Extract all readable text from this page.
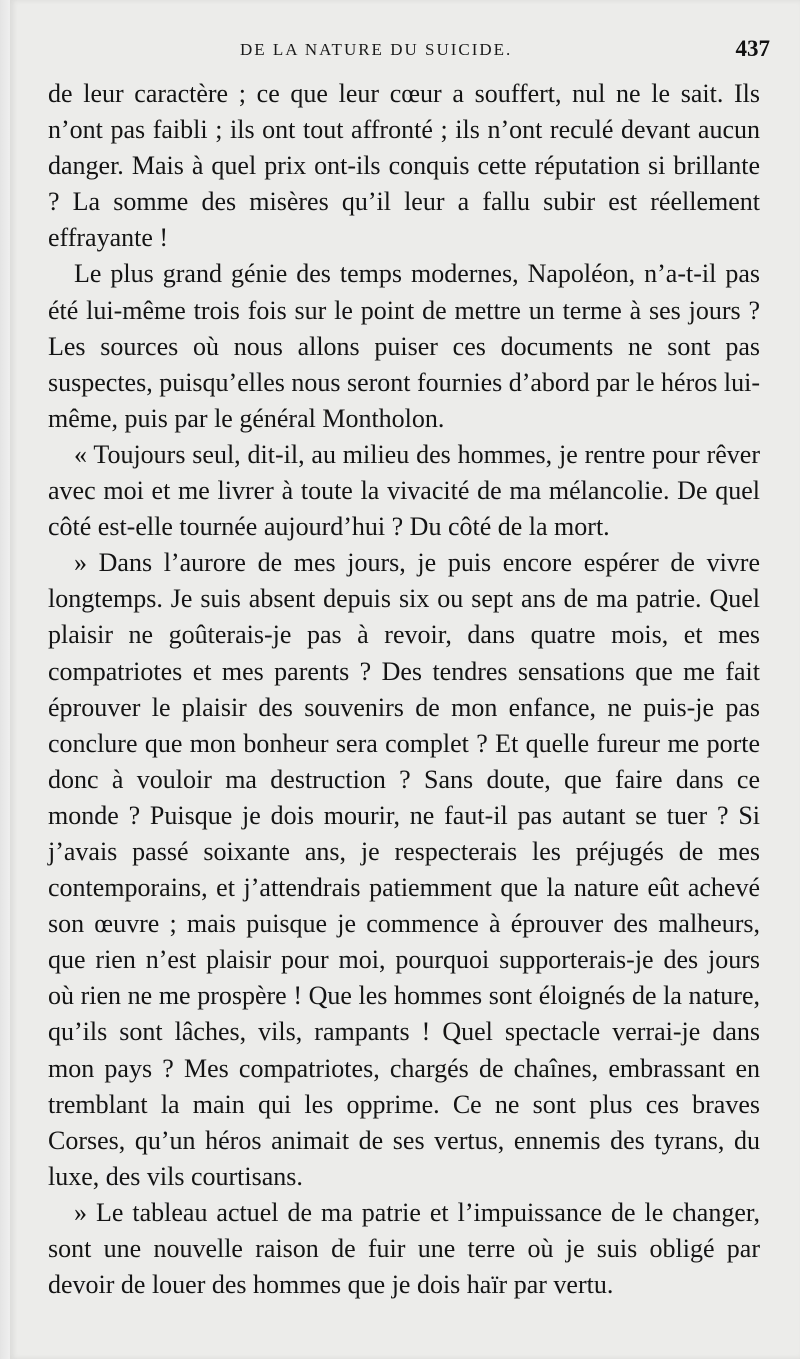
DE LA NATURE DU SUICIDE.	437

de leur caractère ; ce que leur cœur a souffert, nul ne le sait. Ils n’ont pas faibli ; ils ont tout affronté ; ils n’ont reculé devant aucun danger. Mais à quel prix ont-ils conquis cette réputation si brillante ? La somme des misères qu’il leur a fallu subir est réellement effrayante !

Le plus grand génie des temps modernes, Napoléon, n’a-t-il pas été lui-même trois fois sur le point de mettre un terme à ses jours ? Les sources où nous allons puiser ces documents ne sont pas suspectes, puisqu’elles nous seront fournies d’abord par le héros lui-même, puis par le général Montholon.

« Toujours seul, dit-il, au milieu des hommes, je rentre pour rêver avec moi et me livrer à toute la vivacité de ma mélancolie. De quel côté est-elle tournée aujourd’hui ? Du côté de la mort.

» Dans l’aurore de mes jours, je puis encore espérer de vivre longtemps. Je suis absent depuis six ou sept ans de ma patrie. Quel plaisir ne goûterais-je pas à revoir, dans quatre mois, et mes compatriotes et mes parents ? Des tendres sensations que me fait éprouver le plaisir des souvenirs de mon enfance, ne puis-je pas conclure que mon bonheur sera complet ? Et quelle fureur me porte donc à vouloir ma destruction ? Sans doute, que faire dans ce monde ? Puisque je dois mourir, ne faut-il pas autant se tuer ? Si j’avais passé soixante ans, je respecterais les préjugés de mes contemporains, et j’attendrais patiemment que la nature eût achevé son œuvre ; mais puisque je commence à éprouver des malheurs, que rien n’est plaisir pour moi, pourquoi supporterais-je des jours où rien ne me prospère ! Que les hommes sont éloignés de la nature, qu’ils sont lâches, vils, rampants ! Quel spectacle verrai-je dans mon pays ? Mes compatriotes, chargés de chaînes, embrassant en tremblant la main qui les opprime. Ce ne sont plus ces braves Corses, qu’un héros animait de ses vertus, ennemis des tyrans, du luxe, des vils courtisans.

» Le tableau actuel de ma patrie et l’impuissance de le changer, sont une nouvelle raison de fuir une terre où je suis obligé par devoir de louer des hommes que je dois haïr par vertu.
